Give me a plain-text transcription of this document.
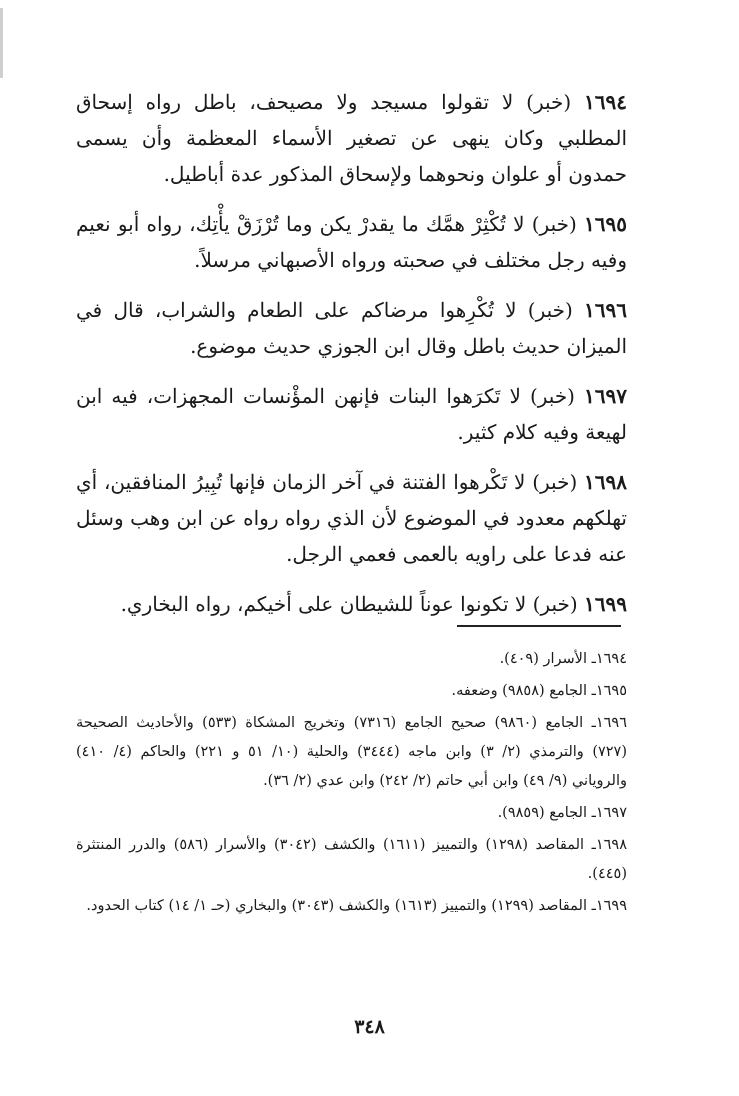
١٦٩٤ (خبر) لا تقولوا مسيجد ولا مصيحف، باطل رواه إسحاق المطلبي وكان ينهى عن تصغير الأسماء المعظمة وأن يسمى حمدون أو علوان ونحوهما ولإسحاق المذكور عدة أباطيل.

١٦٩٥ (خبر) لا تُكْثِرْ همَّك ما يقدرْ يكن وما تُرْزَقْ يأْتِك، رواه أبو نعيم وفيه رجل مختلف في صحبته ورواه الأصبهاني مرسلاً.

١٦٩٦ (خبر) لا تُكْرِهوا مرضاكم على الطعام والشراب، قال في الميزان حديث باطل وقال ابن الجوزي حديث موضوع.

١٦٩٧ (خبر) لا تَكرَهوا البنات فإنهن المؤْنسات المجهزات، فيه ابن لهيعة وفيه كلام كثير.

١٦٩٨ (خبر) لا تَكْرهوا الفتنة في آخر الزمان فإنها تُبِيرُ المنافقين، أي تهلكهم معدود في الموضوع لأن الذي رواه رواه عن ابن وهب وسئل عنه فدعا على راويه بالعمى فعمي الرجل.

١٦٩٩ (خبر) لا تكونوا عوناً للشيطان على أخيكم، رواه البخاري.

١٦٩٤ـ الأسرار (٤٠٩).

١٦٩٥ـ الجامع (٩٨٥٨) وضعفه.

١٦٩٦ـ الجامع (٩٨٦٠) صحيح الجامع (٧٣١٦) وتخريج المشكاة (٥٣٣) والأحاديث الصحيحة (٧٢٧) والترمذي (٢/ ٣) وابن ماجه (٣٤٤٤) والحلية (١٠/ ٥١ و ٢٢١) والحاكم (٤/ ٤١٠) والروياني (٩/ ٤٩) وابن أبي حاتم (٢/ ٢٤٢) وابن عدي (٢/ ٣٦).

١٦٩٧ـ الجامع (٩٨٥٩).

١٦٩٨ـ المقاصد (١٢٩٨) والتمييز (١٦١١) والكشف (٣٠٤٢) والأسرار (٥٨٦) والدرر المنتثرة (٤٤٥).

١٦٩٩ـ المقاصد (١٢٩٩) والتمييز (١٦١٣) والكشف (٣٠٤٣) والبخاري (حـ ١/ ١٤) كتاب الحدود.

٣٤٨
